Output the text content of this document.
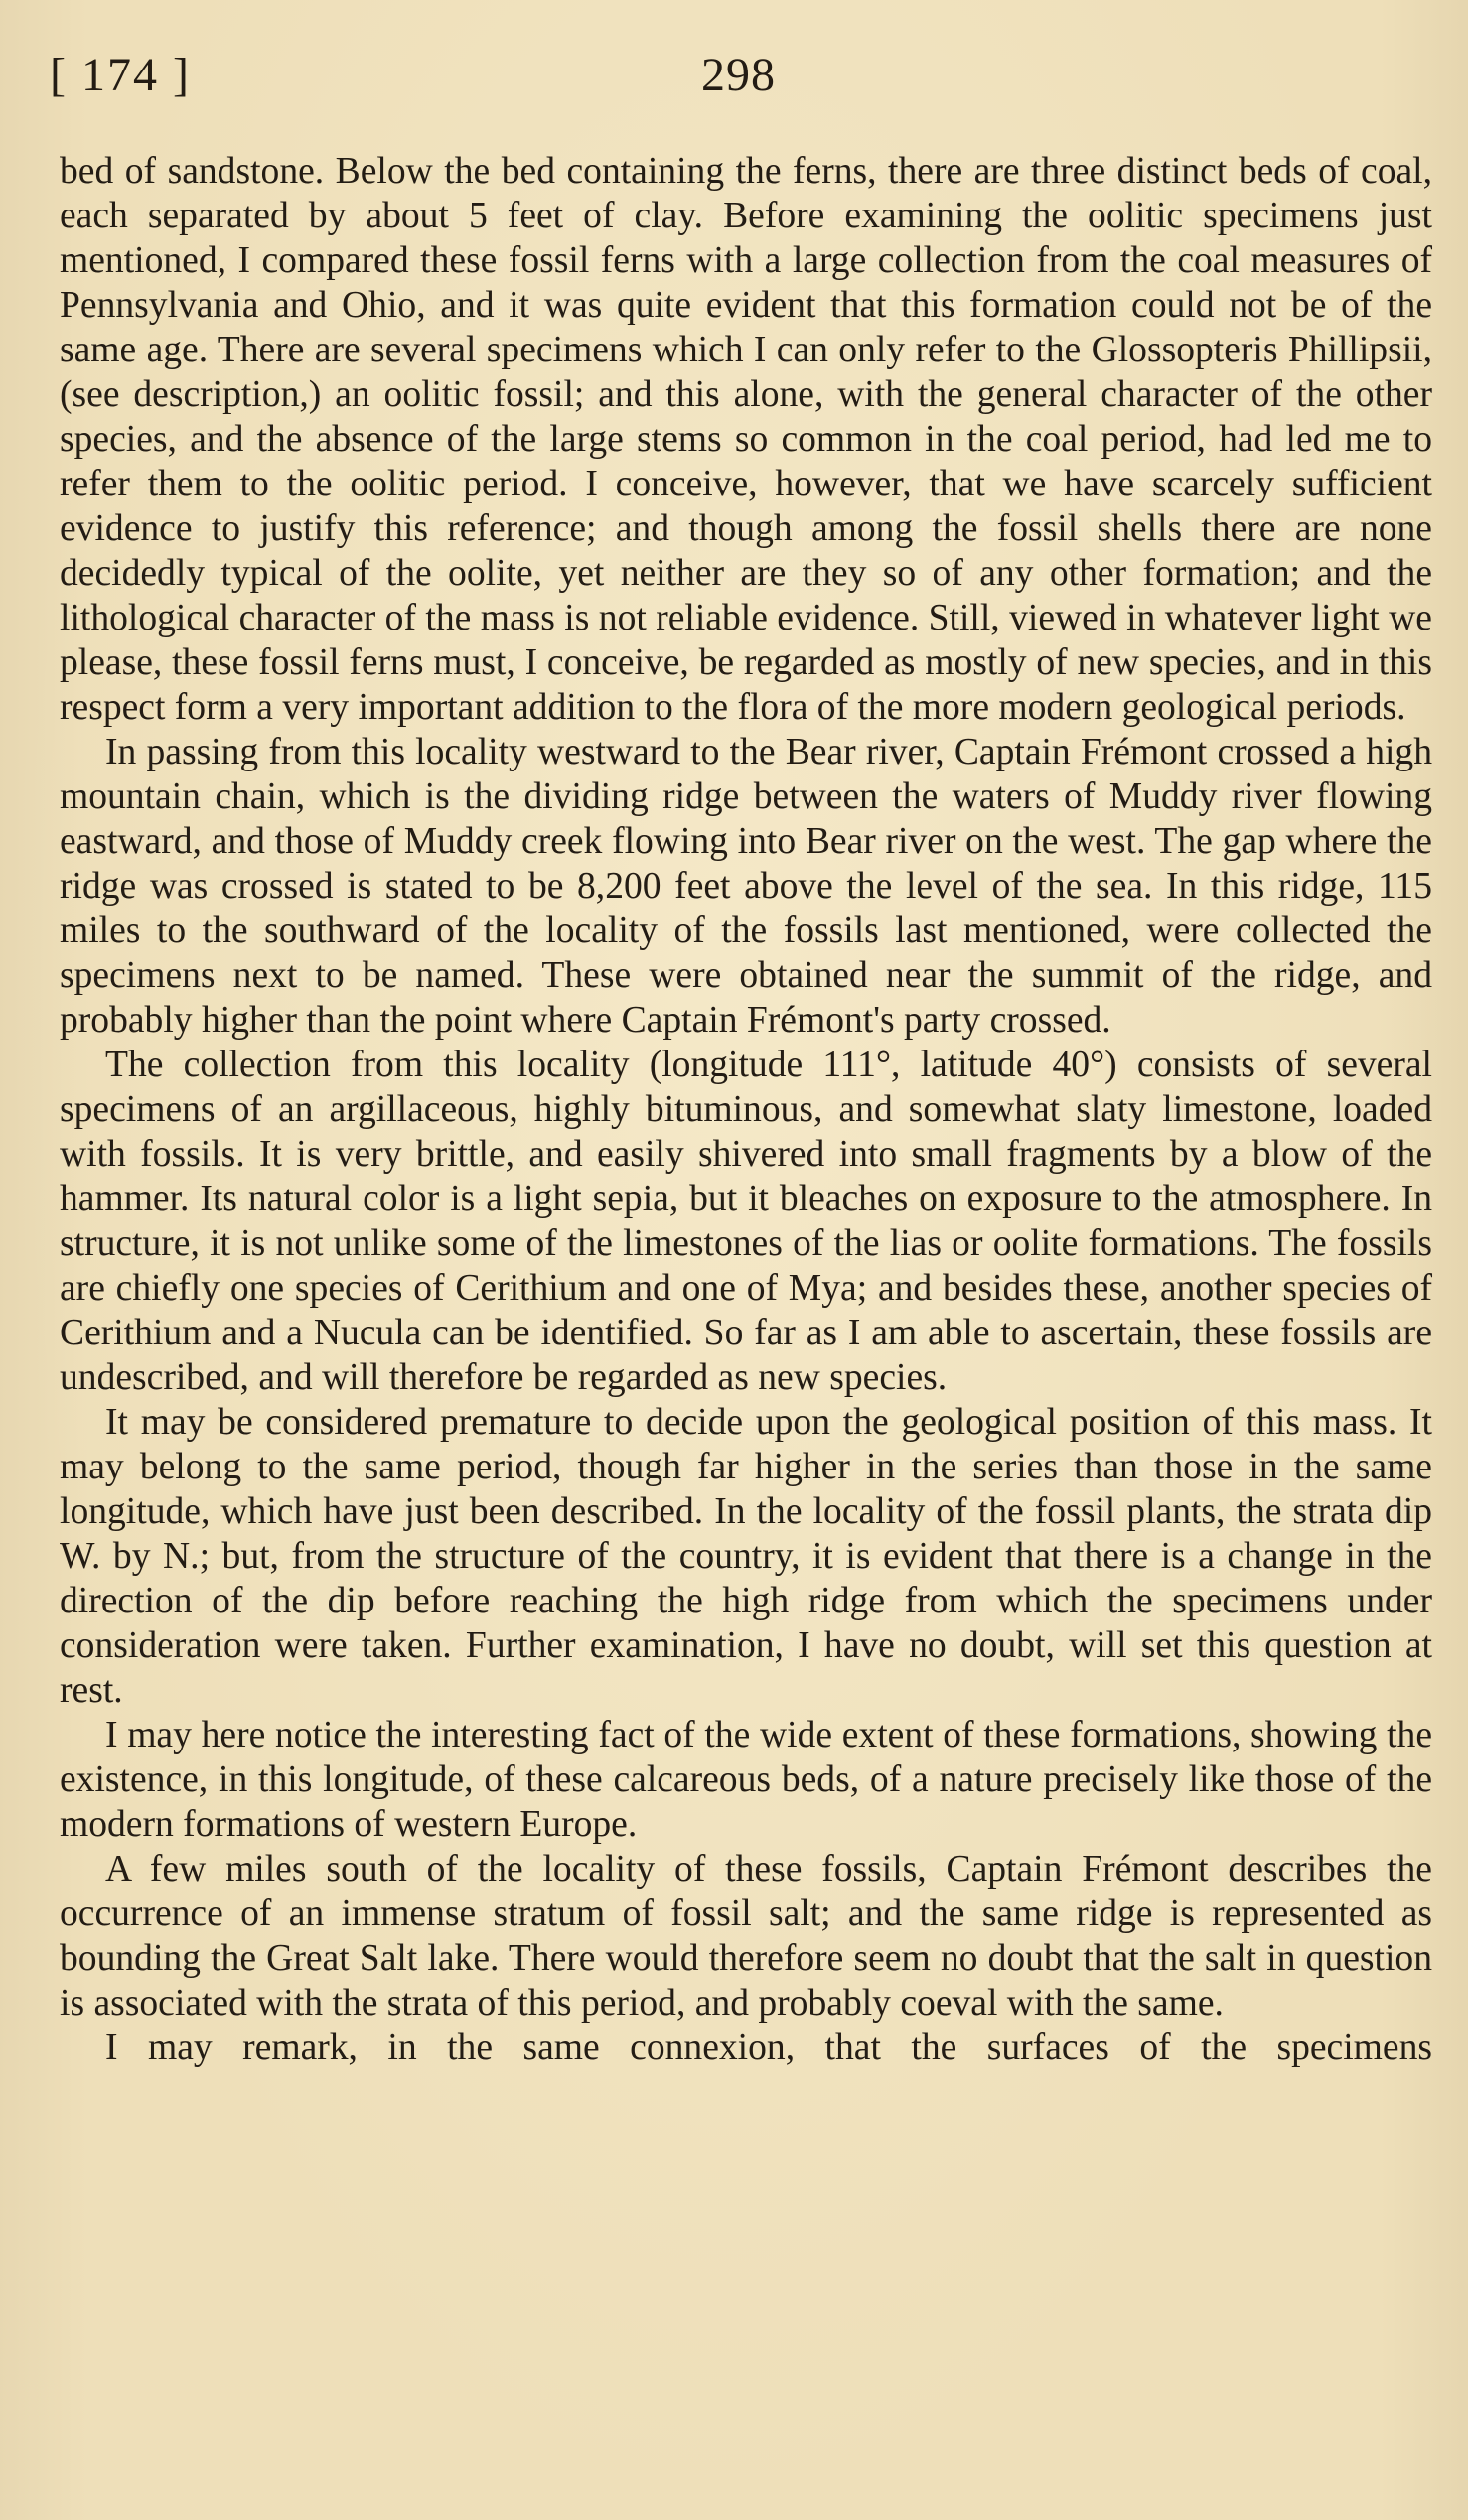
[ 174 ]	298

bed of sandstone. Below the bed containing the ferns, there are three distinct beds of coal, each separated by about 5 feet of clay. Before examining the oolitic specimens just mentioned, I compared these fossil ferns with a large collection from the coal measures of Pennsylvania and Ohio, and it was quite evident that this formation could not be of the same age. There are several specimens which I can only refer to the Glossopteris Phillipsii, (see description,) an oolitic fossil; and this alone, with the general character of the other species, and the absence of the large stems so common in the coal period, had led me to refer them to the oolitic period. I conceive, however, that we have scarcely sufficient evidence to justify this reference; and though among the fossil shells there are none decidedly typical of the oolite, yet neither are they so of any other formation; and the lithological character of the mass is not reliable evidence. Still, viewed in whatever light we please, these fossil ferns must, I conceive, be regarded as mostly of new species, and in this respect form a very important addition to the flora of the more modern geological periods.

In passing from this locality westward to the Bear river, Captain Frémont crossed a high mountain chain, which is the dividing ridge between the waters of Muddy river flowing eastward, and those of Muddy creek flowing into Bear river on the west. The gap where the ridge was crossed is stated to be 8,200 feet above the level of the sea. In this ridge, 115 miles to the southward of the locality of the fossils last mentioned, were collected the specimens next to be named. These were obtained near the summit of the ridge, and probably higher than the point where Captain Frémont's party crossed.

The collection from this locality (longitude 111°, latitude 40°) consists of several specimens of an argillaceous, highly bituminous, and somewhat slaty limestone, loaded with fossils. It is very brittle, and easily shivered into small fragments by a blow of the hammer. Its natural color is a light sepia, but it bleaches on exposure to the atmosphere. In structure, it is not unlike some of the limestones of the lias or oolite formations. The fossils are chiefly one species of Cerithium and one of Mya; and besides these, another species of Cerithium and a Nucula can be identified. So far as I am able to ascertain, these fossils are undescribed, and will therefore be regarded as new species.

It may be considered premature to decide upon the geological position of this mass. It may belong to the same period, though far higher in the series than those in the same longitude, which have just been described. In the locality of the fossil plants, the strata dip W. by N.; but, from the structure of the country, it is evident that there is a change in the direction of the dip before reaching the high ridge from which the specimens under consideration were taken. Further examination, I have no doubt, will set this question at rest.

I may here notice the interesting fact of the wide extent of these formations, showing the existence, in this longitude, of these calcareous beds, of a nature precisely like those of the modern formations of western Europe.

A few miles south of the locality of these fossils, Captain Frémont describes the occurrence of an immense stratum of fossil salt; and the same ridge is represented as bounding the Great Salt lake. There would therefore seem no doubt that the salt in question is associated with the strata of this period, and probably coeval with the same.

I may remark, in the same connexion, that the surfaces of the specimens
